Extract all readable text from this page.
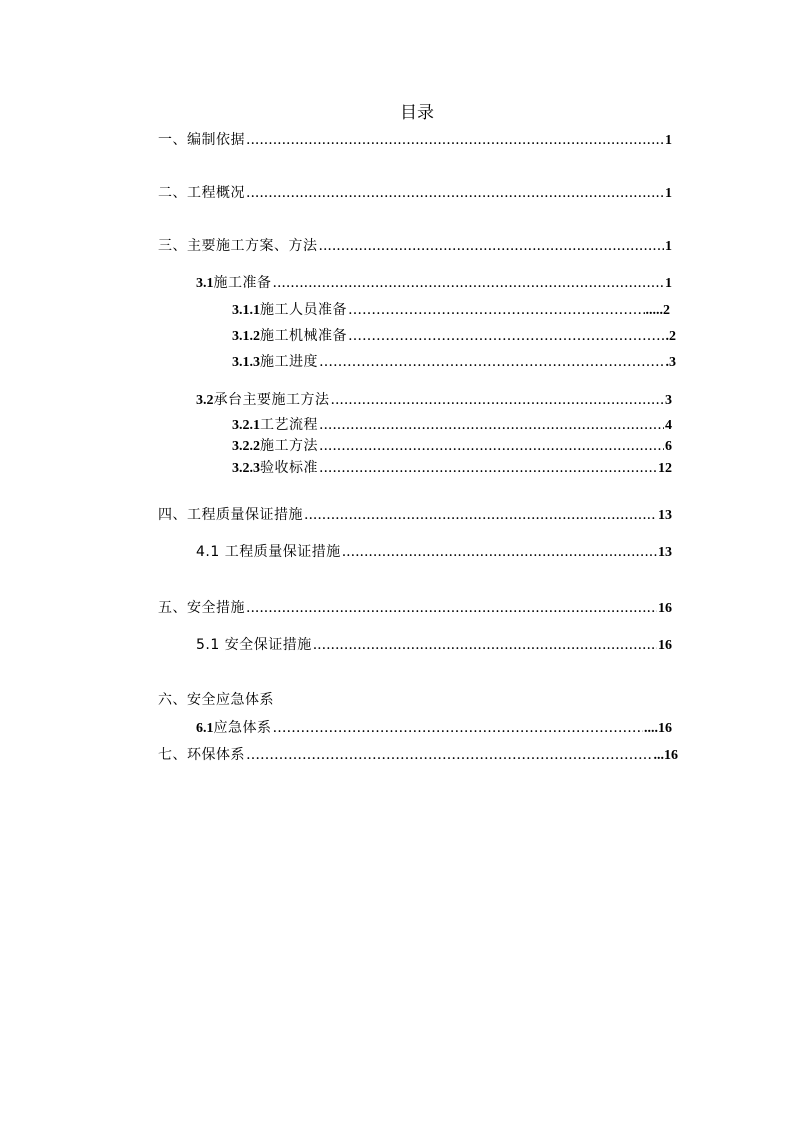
目录
一、编制依据 .....	1
二、工程概况 .....	1
三、主要施工方案、方法 .....	1
3.1 施工准备 .....	1
3.1.1 施工人员准备 ……………………………………………………………………………………………………………………………………………………………………………………	.....2
3.1.2 施工机械准备 ……………………………………………………………………………………………………………………………………………………………………………………	.2
3.1.3 施工进度 ……………………………………………………………………………………………………………………………………………………………………………………	.3
3.2 承台主要施工方法 .....	3
3.2.1 工艺流程 .....	4
3.2.2 施工方法 .....	6
3.2.3 验收标准 .....	12
四、工程质量保证措施 .....	13
4.1 工程质量保证措施 .....	13
五、安全措施 .....	16
5.1 安全保证措施 .....	16
六、安全应急体系
6.1 应急体系 ……………………………………………………………………………………………………………………………………………………………………………………	....16
七、环保体系 ……………………………………………………………………………………………………………………………………………………………………………………	...16
